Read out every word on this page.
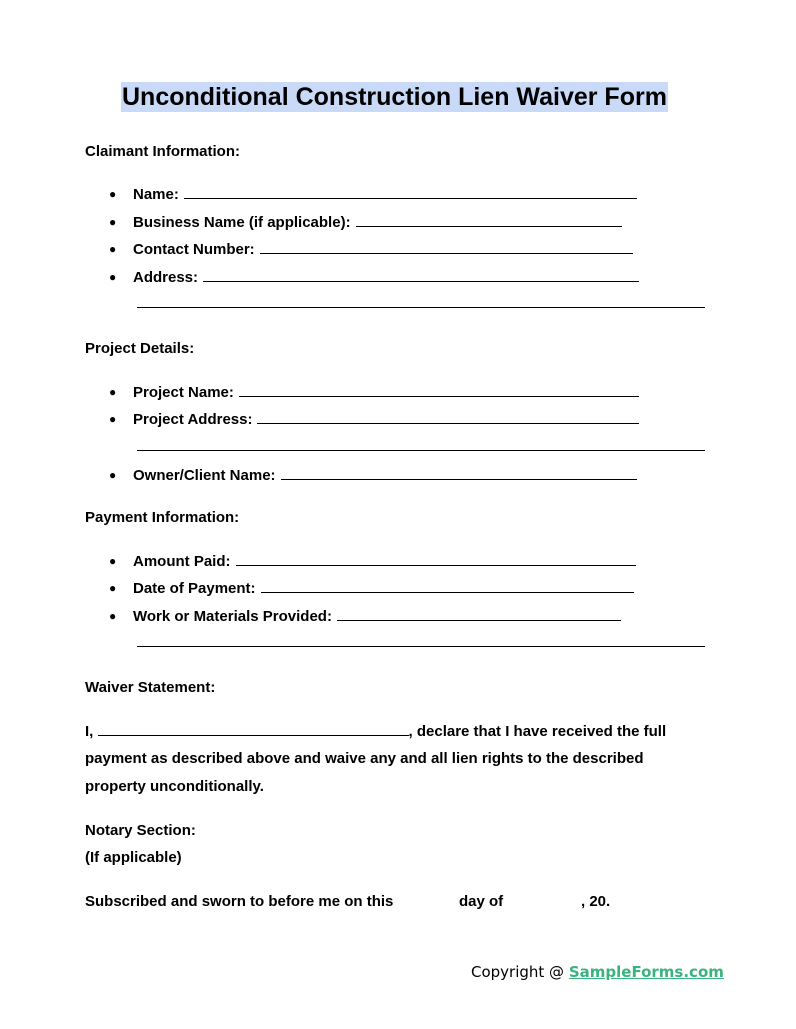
Unconditional Construction Lien Waiver Form
Claimant Information:
● Name:
● Business Name (if applicable):
● Contact Number:
● Address:
Project Details:
● Project Name:
● Project Address:
● Owner/Client Name:
Payment Information:
● Amount Paid:
● Date of Payment:
● Work or Materials Provided:
Waiver Statement:
I,	, declare that I have received the full
payment as described above and waive any and all lien rights to the described
property unconditionally.
Notary Section:
(If applicable)
Subscribed and sworn to before me on this	day of	, 20.
Copyright @ SampleForms.com
